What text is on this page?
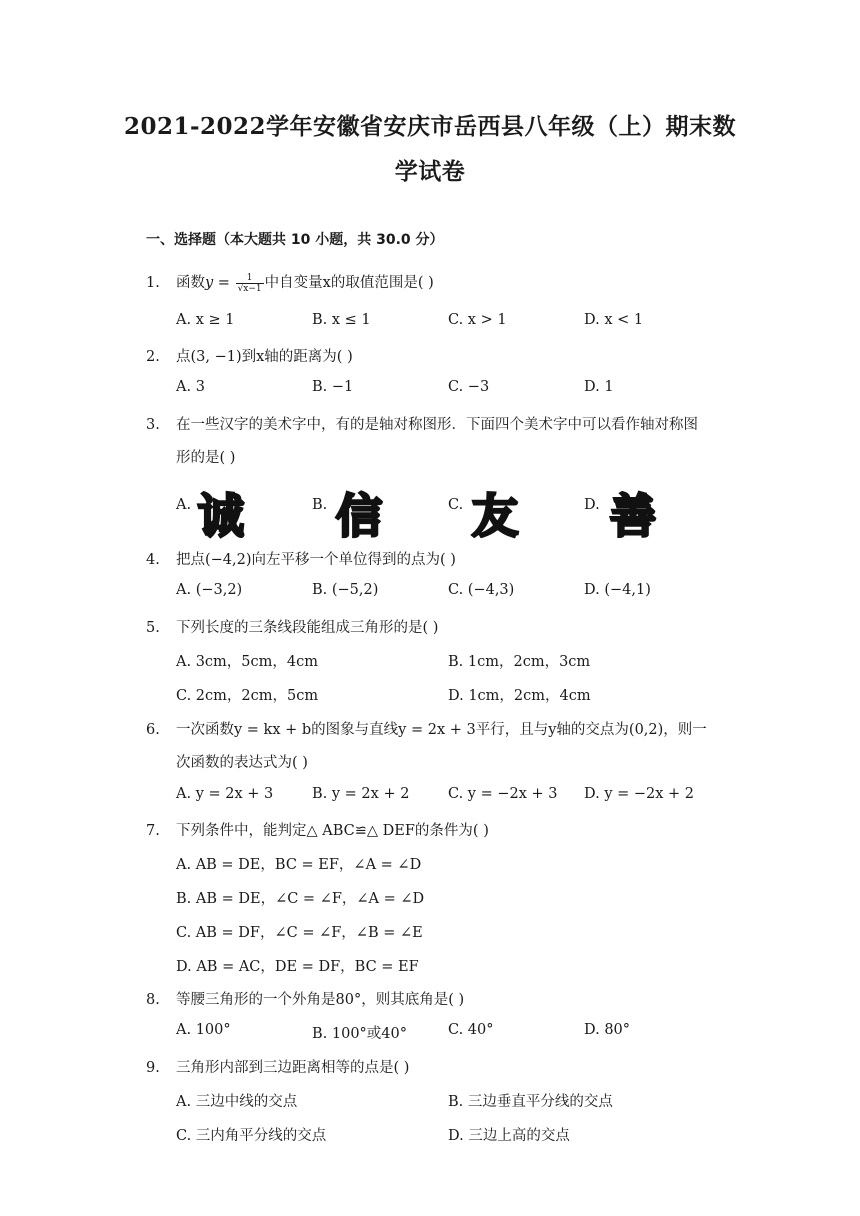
2021-2022学年安徽省安庆市岳西县八年级（上）期末数
学试卷
一、选择题（本大题共 10 小题，共 30.0 分）
1. 函数$y = \frac{1}{√x-1}$ 中自变量x的取值范围是( )
A. x ≥ 1	B. x ≤ 1	C. x > 1	D. x < 1
2. 点(3, −1)到x轴的距离为( )
A. 3	B. −1	C. −3	D. 1
3. 在一些汉字的美术字中，有的是轴对称图形．下面四个美术字中可以看作轴对称图
形的是( )
A.	B.	C.	D.
诚 信 友 善
4. 把点(−4,2)向左平移一个单位得到的点为( )
A. (−3,2)	B. (−5,2)	C. (−4,3)	D. (−4,1)
5. 下列长度的三条线段能组成三角形的是( )
A. 3cm，5cm，4cm	B. 1cm，2cm，3cm
C. 2cm，2cm，5cm	D. 1cm，2cm，4cm
6. 一次函数y = kx + b的图象与直线y = 2x + 3平行，且与y轴的交点为(0,2)，则一
次函数的表达式为( )
A. y = 2x + 3	B. y = 2x + 2	C. y = −2x + 3 D. y = −2x + 2
7. 下列条件中，能判定△ ABC≌△ DEF的条件为( )
A. AB = DE，BC = EF，∠A = ∠D
B. AB = DE，∠C = ∠F，∠A = ∠D
C. AB = DF，∠C = ∠F，∠B = ∠E
D. AB = AC，DE = DF，BC = EF
8. 等腰三角形的一个外角是80°，则其底角是( )
A. 100°	B. 100°或40°	C. 40°	D. 80°
9. 三角形内部到三边距离相等的点是( )
A. 三边中线的交点	B. 三边垂直平分线的交点
C. 三内角平分线的交点	D. 三边上高的交点
